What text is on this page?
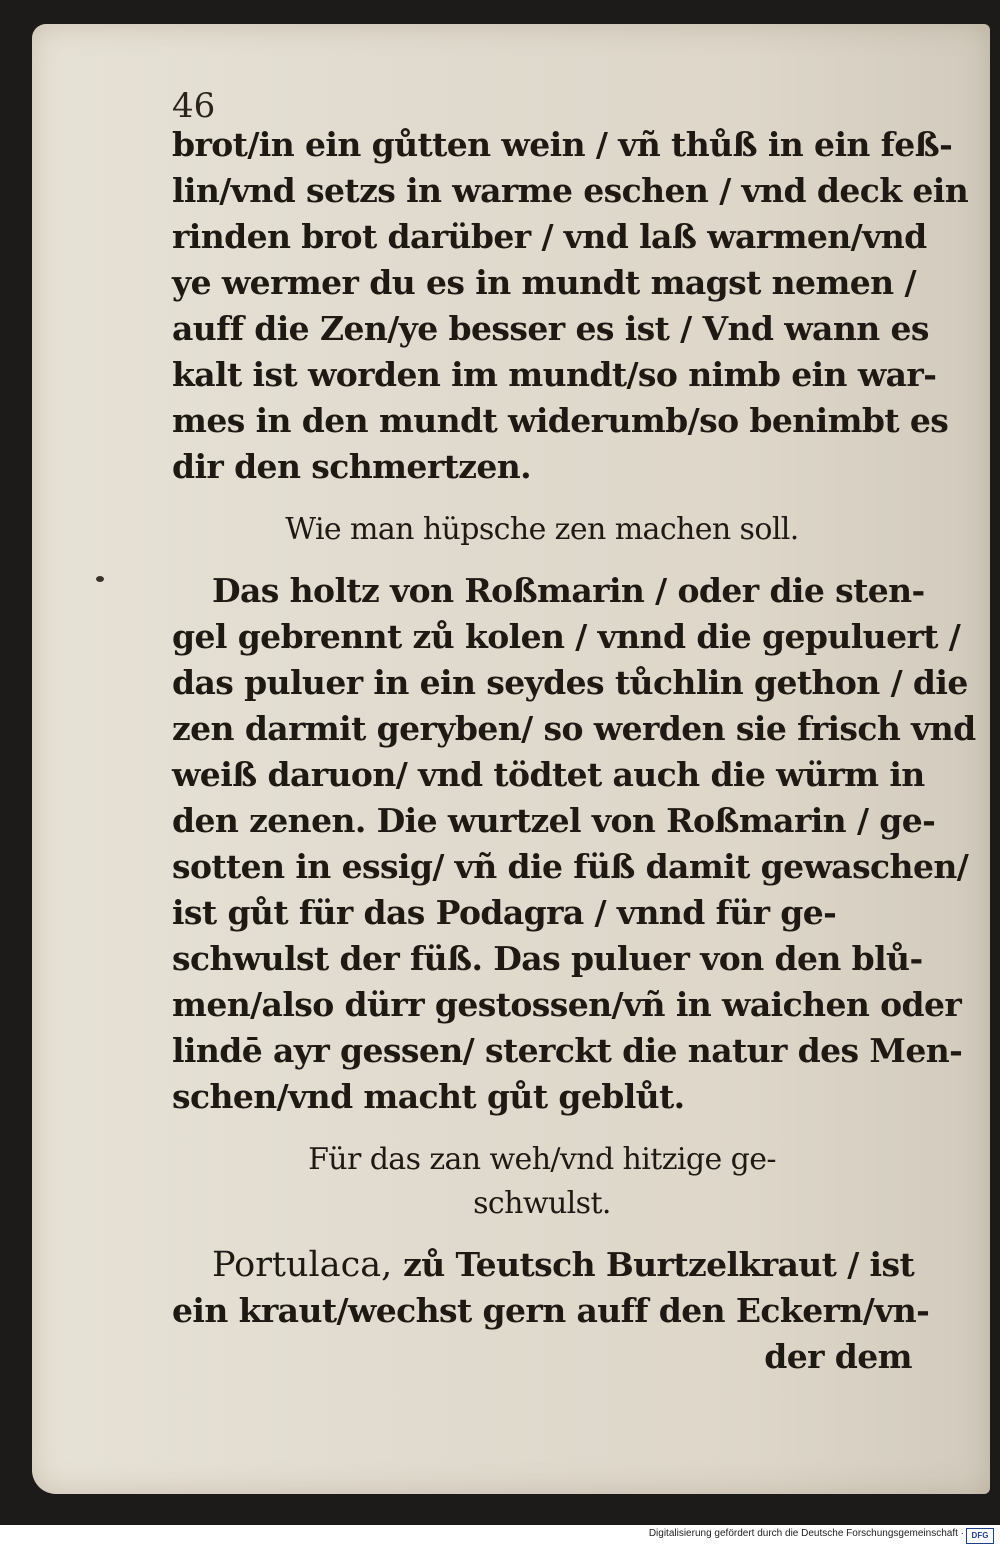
46
brot/in ein gůtten wein / vñ thůß in ein feß-
lin/vnd setzs in warme eschen / vnd deck ein
rinden brot darüber / vnd laß warmen/vnd
ye wermer du es in mundt magst nemen /
auff die Zen/ye besser es ist / Vnd wann es
kalt ist worden im mundt/so nimb ein war-
mes in den mundt widerumb/so benimbt es
dir den schmertzen.
Wie man hüpsche zen machen soll.
Das holtz von Roßmarin / oder die sten-
gel gebrennt zů kolen / vnnd die gepuluert /
das puluer in ein seydes tůchlin gethon / die
zen darmit geryben/ so werden sie frisch vnd
weiß daruon/ vnd tödtet auch die würm in
den zenen. Die wurtzel von Roßmarin / ge-
sotten in essig/ vñ die füß damit gewaschen/
ist gůt für das Podagra / vnnd für ge-
schwulst der füß. Das puluer von den blů-
men/also dürr gestossen/vñ in waichen oder
lindē ayr gessen/ sterckt die natur des Men-
schen/vnd macht gůt geblůt.
Für das zan weh/vnd hitzige ge-
schwulst.
Portulaca, zů Teutsch Burtzelkraut / ist
ein kraut/wechst gern auff den Eckern/vn-
der dem
Digitalisierung gefördert durch die Deutsche Forschungsgemeinschaft · DFG
